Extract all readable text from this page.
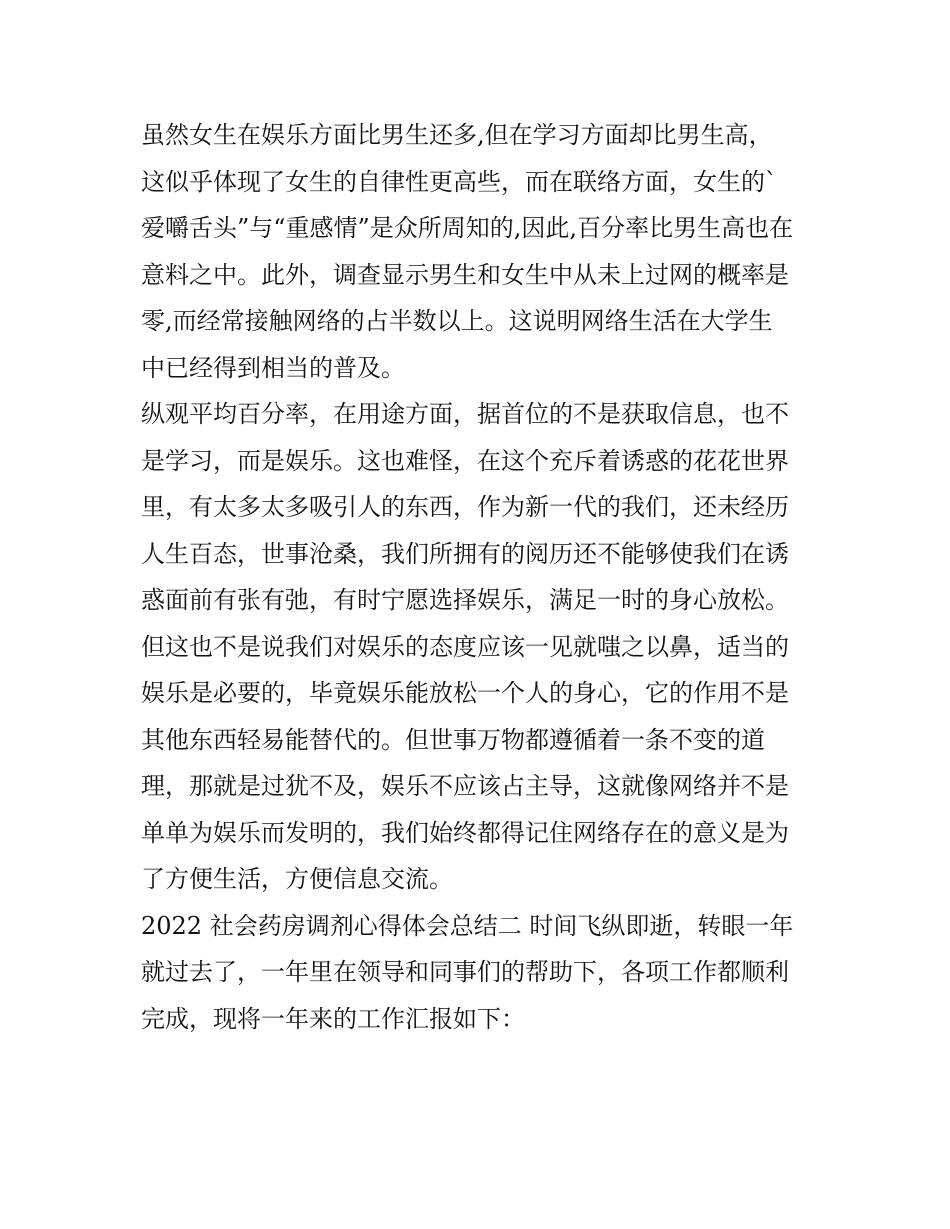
虽然女生在娱乐方面比男生还多,但在学习方面却比男生高，
这似乎体现了女生的自律性更高些，而在联络方面，女生的`
爱嚼舌头”与“重感情”是众所周知的,因此,百分率比男生高也在
意料之中。此外，调查显示男生和女生中从未上过网的概率是
零,而经常接触网络的占半数以上。这说明网络生活在大学生
中已经得到相当的普及。
纵观平均百分率，在用途方面，据首位的不是获取信息，也不
是学习，而是娱乐。这也难怪，在这个充斥着诱惑的花花世界
里，有太多太多吸引人的东西，作为新一代的我们，还未经历
人生百态，世事沧桑，我们所拥有的阅历还不能够使我们在诱
惑面前有张有弛，有时宁愿选择娱乐，满足一时的身心放松。
但这也不是说我们对娱乐的态度应该一见就嗤之以鼻，适当的
娱乐是必要的，毕竟娱乐能放松一个人的身心，它的作用不是
其他东西轻易能替代的。但世事万物都遵循着一条不变的道
理，那就是过犹不及，娱乐不应该占主导，这就像网络并不是
单单为娱乐而发明的，我们始终都得记住网络存在的意义是为
了方便生活，方便信息交流。
2022 社会药房调剂心得体会总结二 时间飞纵即逝，转眼一年
就过去了，一年里在领导和同事们的帮助下，各项工作都顺利
完成，现将一年来的工作汇报如下：
